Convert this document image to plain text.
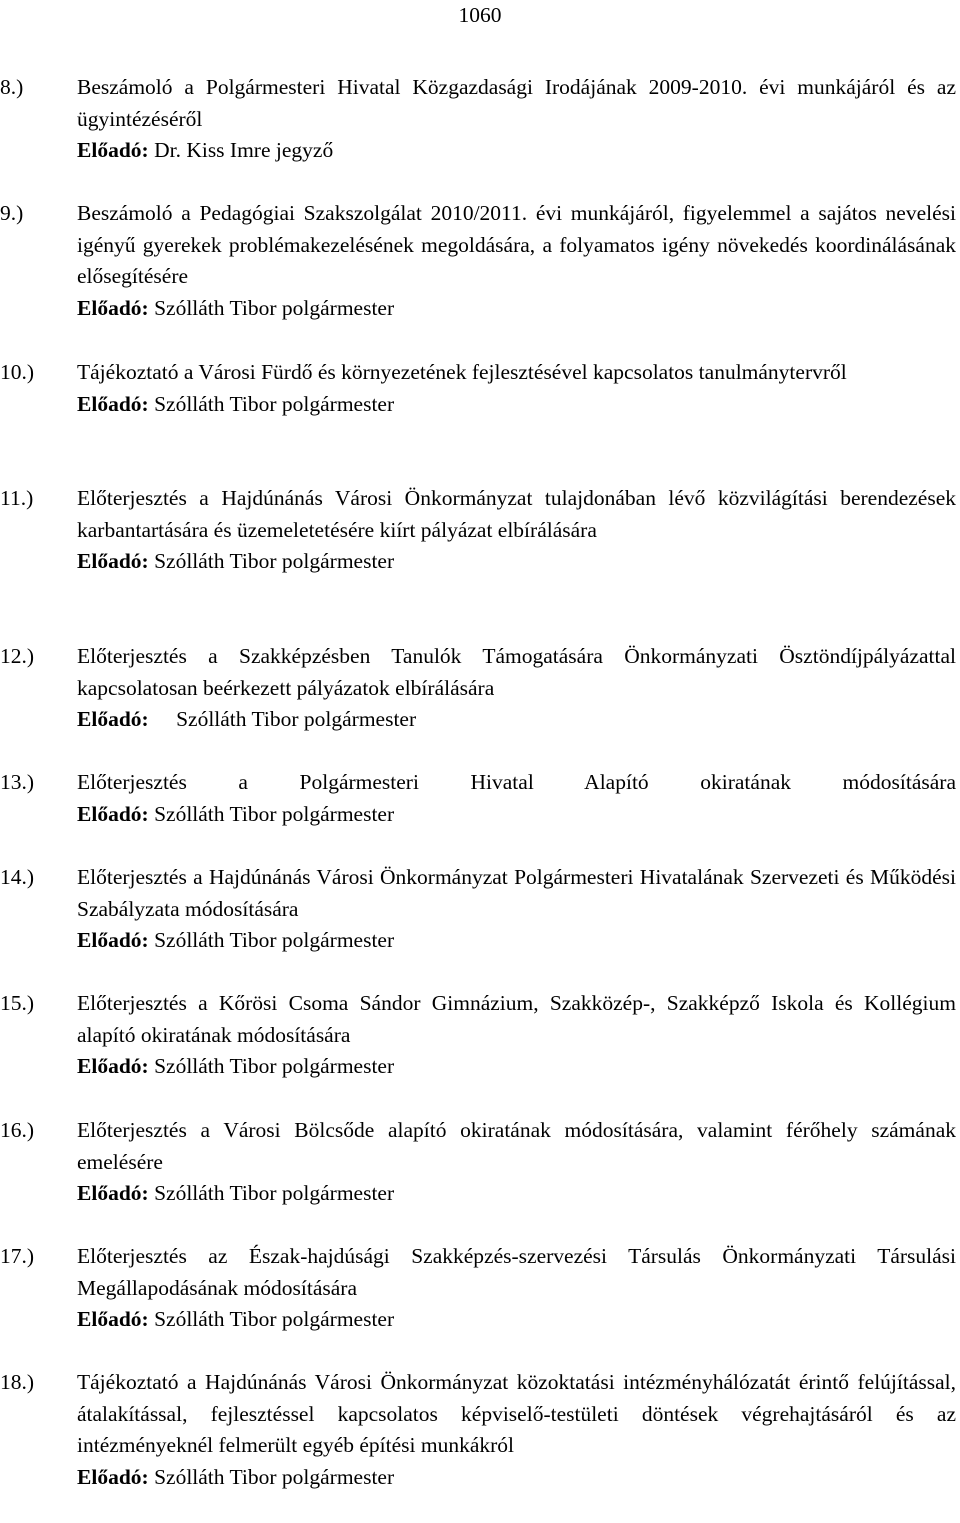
1060
8.) Beszámoló a Polgármesteri Hivatal Közgazdasági Irodájának 2009-2010. évi munkájáról és az ügyintézéséről
Előadó: Dr. Kiss Imre jegyző
9.) Beszámoló a Pedagógiai Szakszolgálat 2010/2011. évi munkájáról, figyelemmel a sajátos nevelési igényű gyerekek problémakezelésének megoldására, a folyamatos igény növekedés koordinálásának elősegítésére
Előadó: Szólláth Tibor polgármester
10.) Tájékoztató a Városi Fürdő és környezetének fejlesztésével kapcsolatos tanulmánytervről
Előadó: Szólláth Tibor polgármester
11.) Előterjesztés a Hajdúnánás Városi Önkormányzat tulajdonában lévő közvilágítási berendezések karbantartására és üzemeletetésére kiírt pályázat elbírálására
Előadó: Szólláth Tibor polgármester
12.) Előterjesztés a Szakképzésben Tanulók Támogatására Önkormányzati Ösztöndíjpályázattal kapcsolatosan beérkezett pályázatok elbírálására
Előadó: Szólláth Tibor polgármester
13.) Előterjesztés a Polgármesteri Hivatal Alapító okiratának módosítására
Előadó: Szólláth Tibor polgármester
14.) Előterjesztés a Hajdúnánás Városi Önkormányzat Polgármesteri Hivatalának Szervezeti és Működési Szabályzata módosítására
Előadó: Szólláth Tibor polgármester
15.) Előterjesztés a Kőrösi Csoma Sándor Gimnázium, Szakközép-, Szakképző Iskola és Kollégium alapító okiratának módosítására
Előadó: Szólláth Tibor polgármester
16.) Előterjesztés a Városi Bölcsőde alapító okiratának módosítására, valamint férőhely számának emelésére
Előadó: Szólláth Tibor polgármester
17.) Előterjesztés az Észak-hajdúsági Szakképzés-szervezési Társulás Önkormányzati Társulási Megállapodásának módosítására
Előadó: Szólláth Tibor polgármester
18.) Tájékoztató a Hajdúnánás Városi Önkormányzat közoktatási intézményhálózatát érintő felújítással, átalakítással, fejlesztéssel kapcsolatos képviselő-testületi döntések végrehajtásáról és az intézményeknél felmerült egyéb építési munkákról
Előadó: Szólláth Tibor polgármester
